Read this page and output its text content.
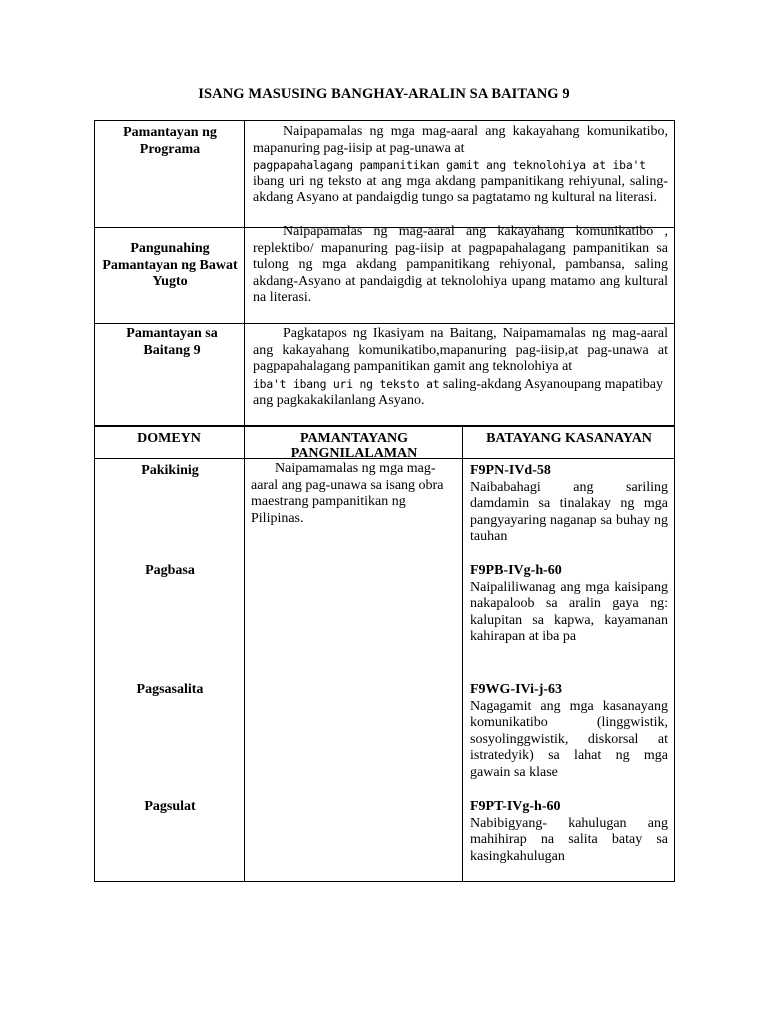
ISANG MASUSING BANGHAY-ARALIN SA BAITANG 9
Pamantayan ng Programa
Naipapamalas ng mga mag-aaral ang kakayahang komunikatibo, mapanuring pag-iisip at pag-unawa at
pagpapahalagang pampanitikan gamit ang teknolohiya at iba't
ibang uri ng teksto at ang mga akdang pampanitikang rehiyunal, saling-akdang Asyano at pandaigdig tungo sa pagtatamo ng kultural na literasi.
Pangunahing Pamantayan ng Bawat Yugto
Naipapamalas ng mag-aaral ang kakayahang komunikatibo , replektibo/ mapanuring pag-iisip at pagpapahalagang pampanitikan sa tulong ng mga akdang pampanitikang rehiyonal, pambansa, saling akdang-Asyano at pandaigdig at teknolohiya upang matamo ang kultural na literasi.
Pamantayan sa Baitang 9
Pagkatapos ng Ikasiyam na Baitang, Naipamamalas ng mag-aaral ang kakayahang komunikatibo,mapanuring pag-iisip,at pag-unawa at pagpapahalagang pampanitikan gamit ang teknolohiya at
iba't ibang uri ng teksto at saling-akdang Asyanoupang mapatibay
ang pagkakakilanlang Asyano.
DOMEYN	PAMANTAYANG PANGNILALAMAN
BATAYANG KASANAYAN
Naipamamalas ng mga mag-aaral ang pag-unawa sa isang obra maestrang pampanitikan ng Pilipinas.
Pakikinig
Pagbasa
Pagsasalita
Pagsulat
F9PN-IVd-58
Naibabahagi ang sariling damdamin sa tinalakay ng mga pangyayaring naganap sa buhay ng tauhan
F9PB-IVg-h-60
Naipaliliwanag ang mga kaisipang nakapaloob sa aralin gaya ng: kalupitan sa kapwa, kayamanan kahirapan at iba pa
F9WG-IVi-j-63
Nagagamit ang mga kasanayang komunikatibo (linggwistik, sosyolinggwistik, diskorsal at istratedyik) sa lahat ng mga gawain sa klase
F9PT-IVg-h-60
Nabibigyang- kahulugan ang mahihirap na salita batay sa kasingkahulugan
